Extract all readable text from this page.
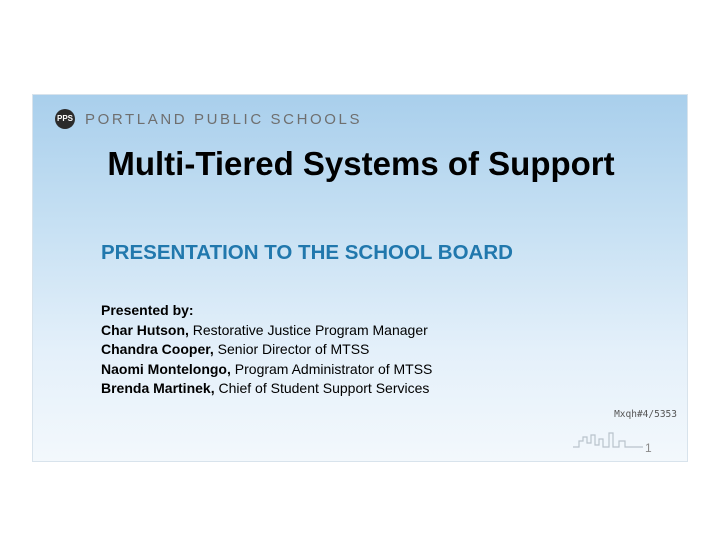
PPS PORTLAND PUBLIC SCHOOLS
Multi-Tiered Systems of Support
PRESENTATION TO THE SCHOOL BOARD
Presented by:
Char Hutson, Restorative Justice Program Manager
Chandra Cooper, Senior Director of MTSS
Naomi Montelongo, Program Administrator of MTSS
Brenda Martinek, Chief of Student Support Services
Mxqh#4/5353
1
